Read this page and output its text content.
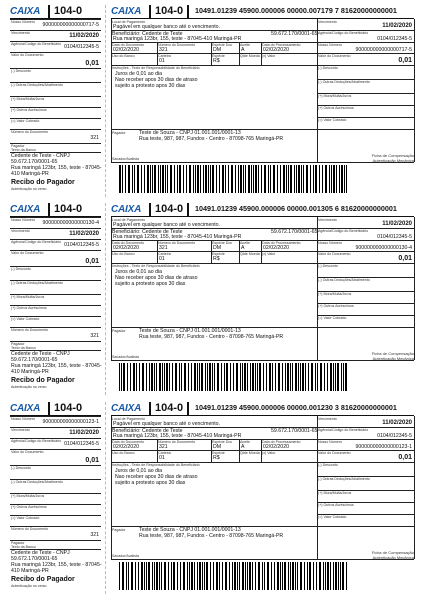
CAIXA	104-0
Nosso Número 900000000000000717-5
Vencimento	11/02/2020
Agência/Código do Beneficiário 0104/012345-5
Valor do Documento
0,01
(-) Desconto
(-) Outras Deduções/Abatimento
(+) Mora/Multa/Juros
(+) Outros Acréscimos
(=) Valor Cobrado
Número do Documento
321
Pagador
Texto da Banco
Cedente de Teste - CNPJ
59.672.170/0001-65
Rua maringá 123br, 155, teste - 87045-
410 Maringá-PR
Recibo do Pagador
Autenticação no verso
CAIXA	104-0	10491.01239 45900.000006 00000.007179 7 81620000000001
Local de Pagamento
Pagável em qualquer banco até o vencimento.
Vencimento
11/02/2020
Beneficiário: Cedente de Teste	59.672.170/0001-65
Rua maringá 123br, 155, teste - 87045-410 Maringá-PR
Agência/Código do Beneficiário
0104/012345-5
Data do Documento
02/02/2020
Número do Documento
321
Espécie Doc
DM
Aceite
A
Data do Processamento
02/02/2020
Nosso Número
900000000000000717-5
Uso do Banco	Carteira
01
Espécie
R$
Qtde Moeda (x) Valor	Valor do Documento
0,01
Instruções - Texto de Responsabilidade do Beneficiário
Juros de 0,01 ao dia
Nao receber apos 30 dias de atraso
sujeito a protesto apos 30 dias
(-) Desconto
(-) Outras Deduções/Abatimento
(+) Mora/Multa/Juros
(+) Outros Acréscimos
(=) Valor Cobrado
Pagador	Teste de Souza - CNPJ 01.001.001/0001-13
Rua teste, 987, 987, Fundos - Centro - 87098-765 Maringá-PR
Sacador/Avalista
Ficha de Compensação
Autenticação Mecânica
CAIXA	104-0
Nosso Número 900000000000000130-4
Vencimento	11/02/2020
Agência/Código do Beneficiário 0104/012345-5
Valor do Documento
0,01
(-) Desconto
(-) Outras Deduções/Abatimento
(+) Mora/Multa/Juros
(+) Outros Acréscimos
(=) Valor Cobrado
Número do Documento
321
Pagador
Texto da Banco
Cedente de Teste - CNPJ
59.672.170/0001-65
Rua maringá 123br, 155, teste - 87045-
410 Maringá-PR
Recibo do Pagador
Autenticação no verso
CAIXA	104-0	10491.01239 45900.000006 00000.001305 6 81620000000001
Local de Pagamento
Pagável em qualquer banco até o vencimento.
Vencimento
11/02/2020
Beneficiário: Cedente de Teste	59.672.170/0001-65
Rua maringá 123br, 155, teste - 87045-410 Maringá-PR
Agência/Código do Beneficiário
0104/012345-5
Data do Documento
02/02/2020
Número do Documento
321
Espécie Doc
DM
Aceite
A
Data do Processamento
02/02/2020
Nosso Número
900000000000000130-4
Uso do Banco	Carteira
01
Espécie
R$
Qtde Moeda (x) Valor	Valor do Documento
0,01
Instruções - Texto de Responsabilidade do Beneficiário
Juros de 0,01 ao dia
Nao receber apos 30 dias de atraso
sujeito a protesto apos 30 dias
(-) Desconto
(-) Outras Deduções/Abatimento
(+) Mora/Multa/Juros
(+) Outros Acréscimos
(=) Valor Cobrado
Pagador	Teste de Souza - CNPJ 01.001.001/0001-13
Rua teste, 987, 987, Fundos - Centro - 87098-765 Maringá-PR
Sacador/Avalista
Ficha de Compensação
Autenticação Mecânica
CAIXA	104-0
Nosso Número 900000000000000123-1
Vencimento	11/02/2020
Agência/Código do Beneficiário 0104/012345-5
Valor do Documento
0,01
(-) Desconto
(-) Outras Deduções/Abatimento
(+) Mora/Multa/Juros
(+) Outros Acréscimos
(=) Valor Cobrado
Número do Documento
321
Pagador
Texto da Banco
Cedente de Teste - CNPJ
59.672.170/0001-65
Rua maringá 123br, 155, teste - 87045-
410 Maringá-PR
Recibo do Pagador
Autenticação no verso
CAIXA	104-0	10491.01239 45900.000006 00000.001230 3 81620000000001
Local de Pagamento
Pagável em qualquer banco até o vencimento.
Vencimento
11/02/2020
Beneficiário: Cedente de Teste	59.672.170/0001-65
Rua maringá 123br, 155, teste - 87045-410 Maringá-PR
Agência/Código do Beneficiário
0104/012345-5
Data do Documento
02/02/2020
Número do Documento
321
Espécie Doc
DM
Aceite
A
Data do Processamento
02/02/2020
Nosso Número
900000000000000123-1
Uso do Banco	Carteira
01
Espécie
R$
Qtde Moeda (x) Valor	Valor do Documento
0,01
Instruções - Texto de Responsabilidade do Beneficiário
Juros de 0,01 ao dia
Nao receber apos 30 dias de atraso
sujeito a protesto apos 30 dias
(-) Desconto
(-) Outras Deduções/Abatimento
(+) Mora/Multa/Juros
(+) Outros Acréscimos
(=) Valor Cobrado
Pagador	Teste de Souza - CNPJ 01.001.001/0001-13
Rua teste, 987, 987, Fundos - Centro - 87098-765 Maringá-PR
Sacador/Avalista
Ficha de Compensação
Autenticação Mecânica
